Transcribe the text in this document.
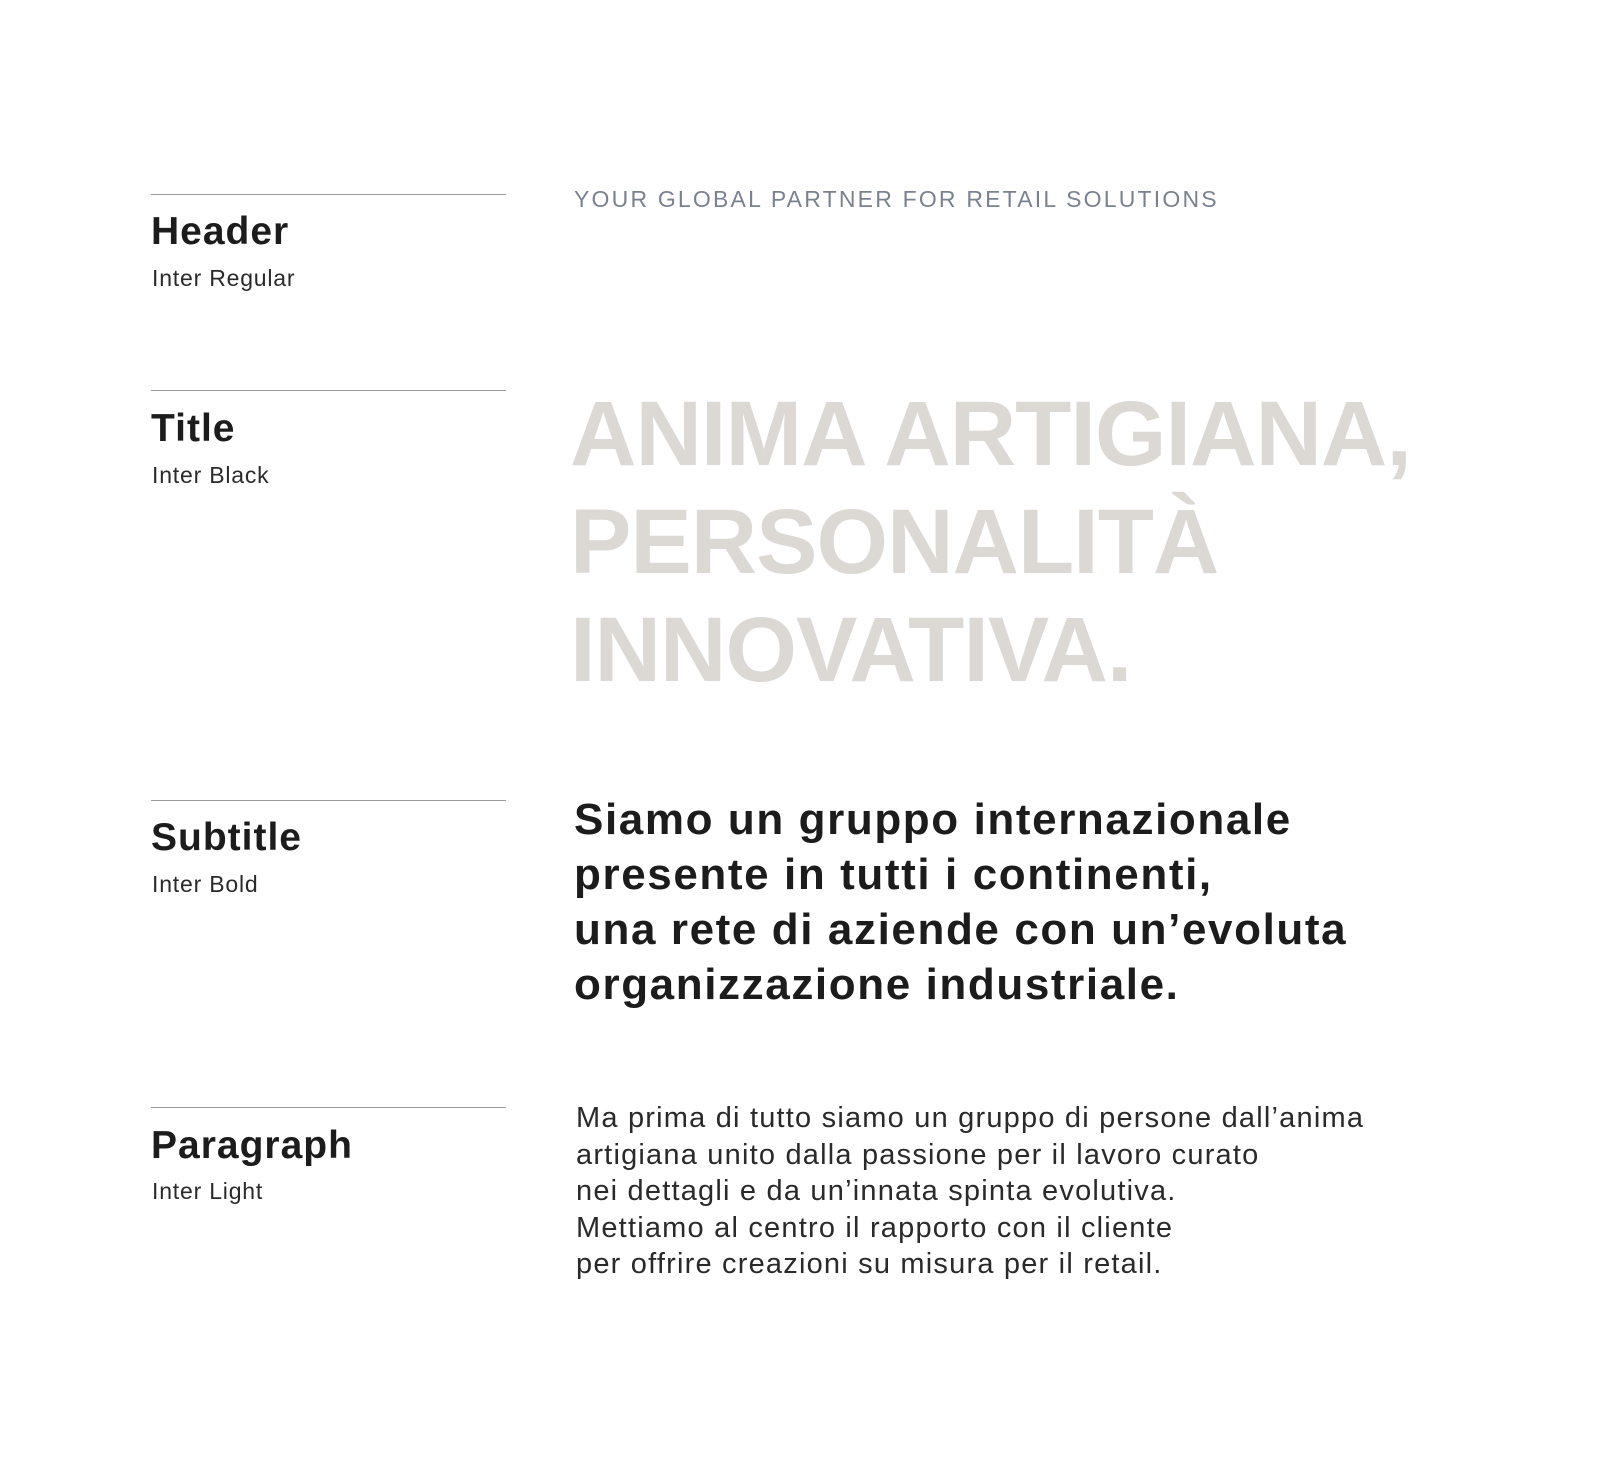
Header
Inter Regular
YOUR GLOBAL PARTNER FOR RETAIL SOLUTIONS
Title
Inter Black	ANIMA ARTIGIANA,
PERSONALITÀ
INNOVATIVA.
Subtitle
Inter Bold
Siamo un gruppo internazionale
presente in tutti i continenti,
una rete di aziende con un’evoluta
organizzazione industriale.
Paragraph
Inter Light
Ma prima di tutto siamo un gruppo di persone dall’anima
artigiana unito dalla passione per il lavoro curato
nei dettagli e da un’innata spinta evolutiva.
Mettiamo al centro il rapporto con il cliente
per offrire creazioni su misura per il retail.
